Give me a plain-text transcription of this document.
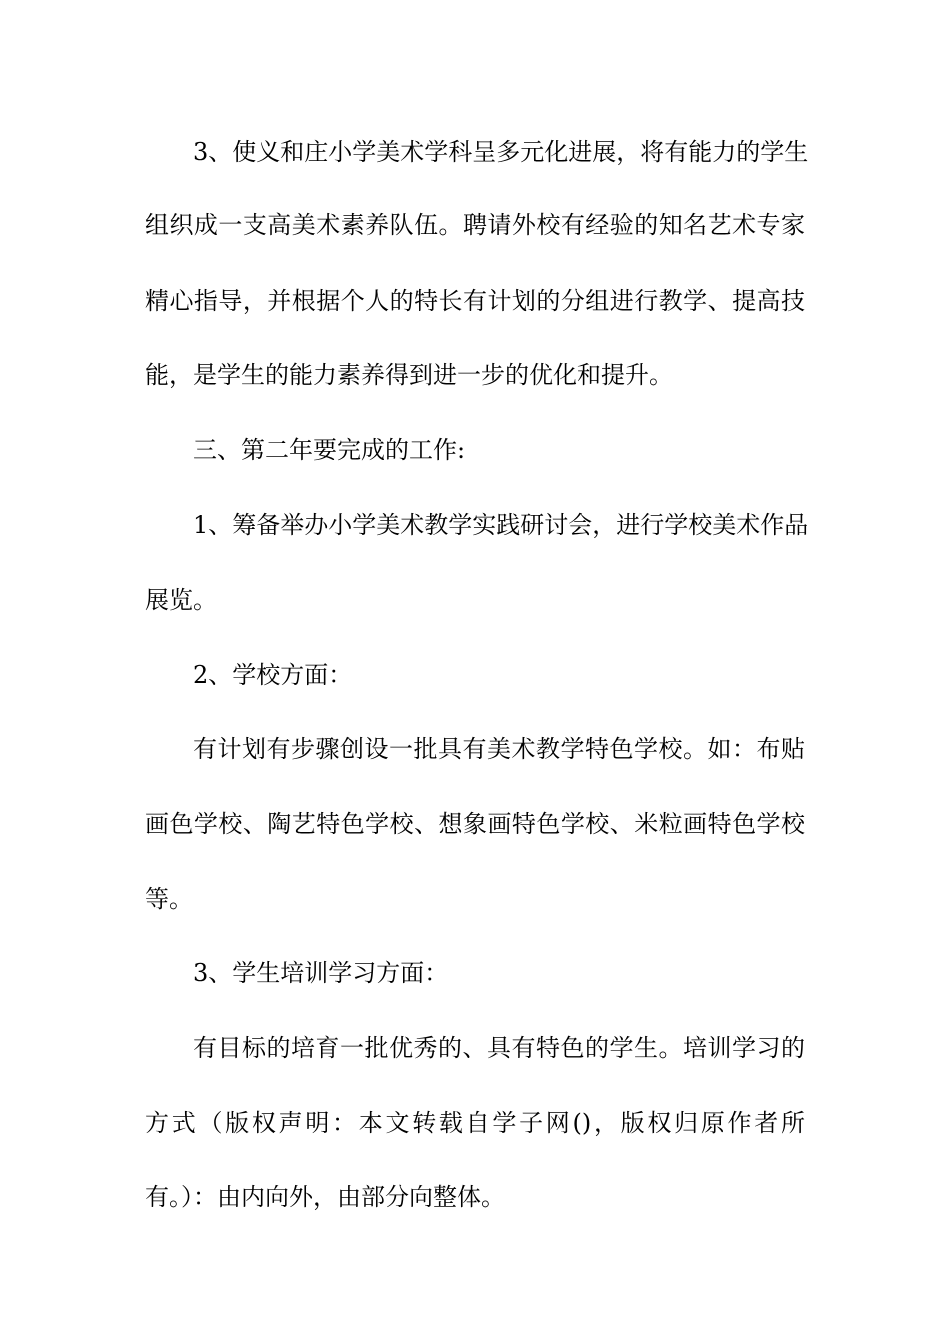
3、使义和庄小学美术学科呈多元化进展，将有能力的学生

组织成一支高美术素养队伍。聘请外校有经验的知名艺术专家

精心指导，并根据个人的特长有计划的分组进行教学、提高技

能，是学生的能力素养得到进一步的优化和提升。

三、第二年要完成的工作:

1、筹备举办小学美术教学实践研讨会，进行学校美术作品

展览。

2、学校方面：

有计划有步骤创设一批具有美术教学特色学校。如：布贴

画色学校、陶艺特色学校、想象画特色学校、米粒画特色学校

等。

3、学生培训学习方面：

有目标的培育一批优秀的、具有特色的学生。培训学习的

方式（版权声明：本文转载自学子网()，版权归原作者所

有。）：由内向外，由部分向整体。
